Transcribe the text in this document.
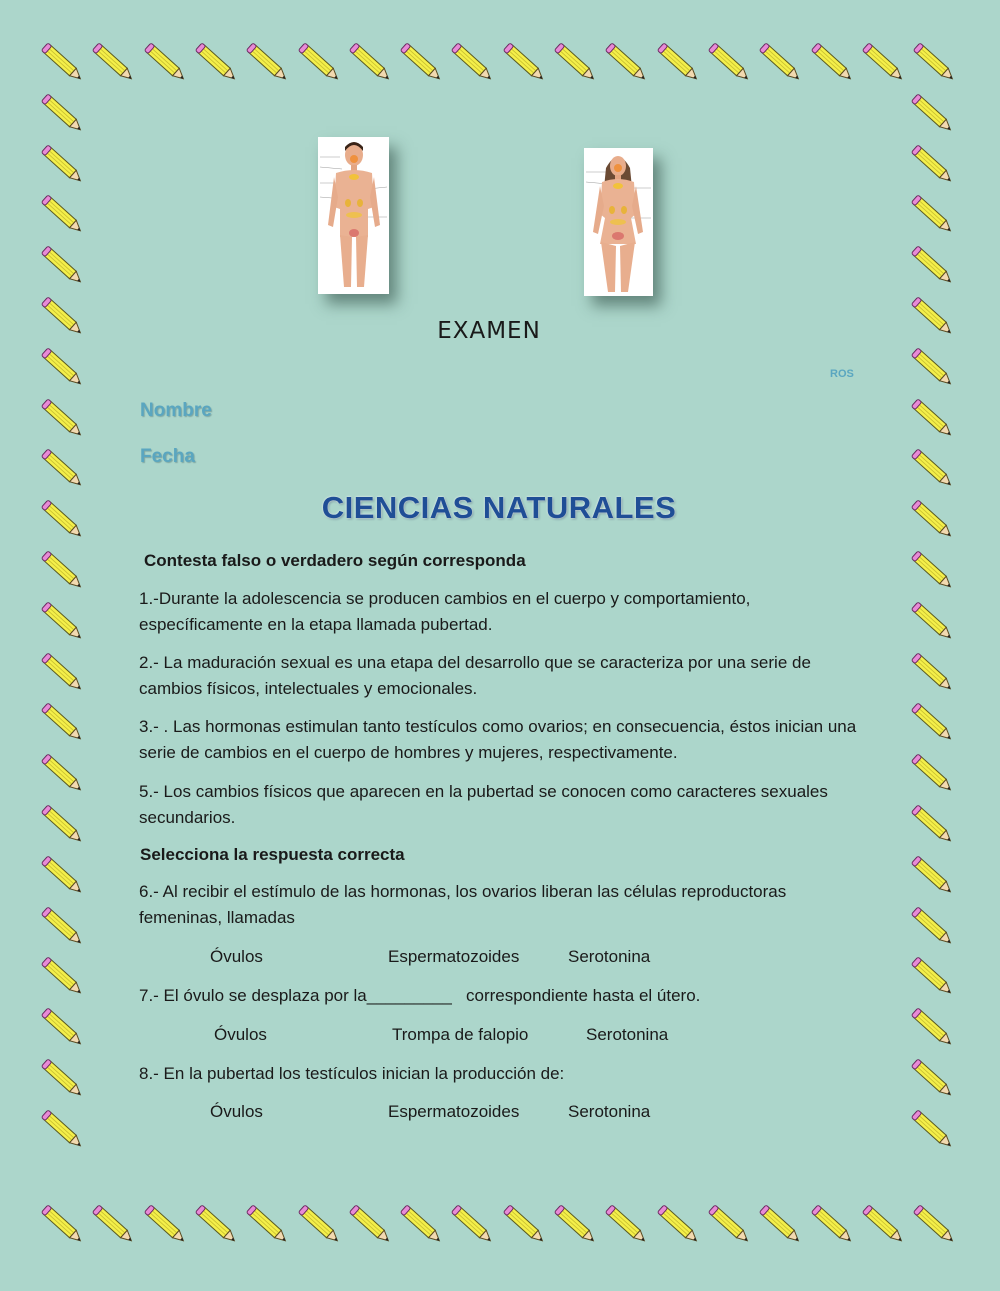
EXAMEN
ROS
Nombre
Fecha
CIENCIAS NATURALES
Contesta falso o verdadero según corresponda
1.-Durante la adolescencia se producen cambios en el cuerpo y comportamiento, específicamente en la etapa llamada pubertad.
2.- La maduración sexual es una etapa del desarrollo que se caracteriza por una serie de cambios físicos, intelectuales y emocionales.
3.- . Las hormonas estimulan tanto testículos como ovarios; en consecuencia, éstos inician una serie de cambios en el cuerpo de hombres y mujeres, respectivamente.
5.- Los cambios físicos que aparecen en la pubertad se conocen como caracteres sexuales secundarios.
Selecciona la respuesta correcta
6.- Al recibir el estímulo de las hormonas, los ovarios liberan las células reproductoras femeninas, llamadas
Óvulos	Espermatozoides	Serotonina
7.- El óvulo se desplaza por la_________   correspondiente hasta el útero.
Óvulos	Trompa de falopio	Serotonina
8.- En la pubertad los testículos inician la producción de:
Óvulos	Espermatozoides	Serotonina
